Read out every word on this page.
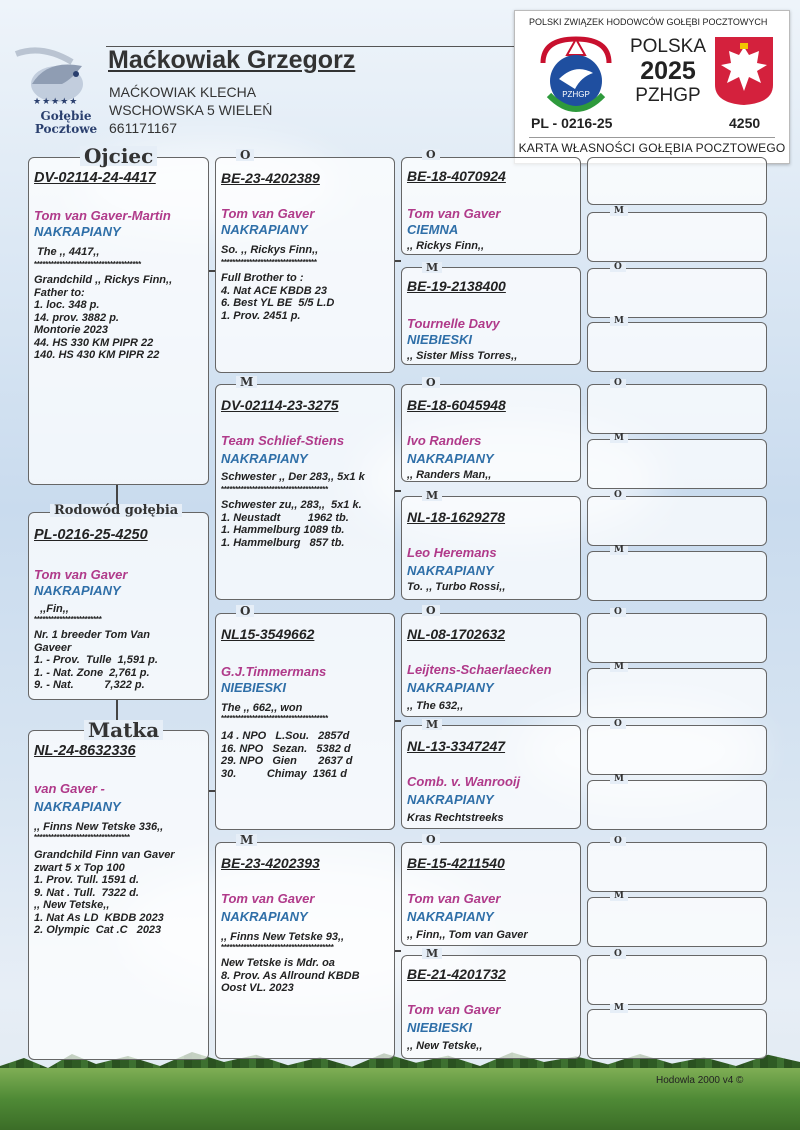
★★★★★
Gołębie
Pocztowe
Maćkowiak Grzegorz
MAĆKOWIAK KLECHA
WSCHOWSKA 5 WIELEŃ
661171167
POLSKI ZWIĄZEK HODOWCÓW GOŁĘBI POCZTOWYCH
PZHGP
POLSKA
2025
PZHGP
PL - 0216-25	4250
KARTA WŁASNOŚCI GOŁĘBIA POCZTOWEGO
DV-02114-24-4417
Tom van Gaver-Martin
NAKRAPIANY
The ,, 4417,,
**************************************
Grandchild ,, Rickys Finn,,
Father to:
1. loc. 348 p.
14. prov. 3882 p.
Montorie 2023
44. HS 330 KM PIPR 22
140. HS 430 KM PIPR 22
Ojciec
PL-0216-25-4250
Tom van Gaver
NAKRAPIANY
,,Fin,,
************************
Nr. 1 breeder Tom Van
Gaveer
1. - Prov.  Tulle  1,591 p.
1. - Nat. Zone  2,761 p.
9. - Nat.          7,322 p.
Rodowód gołębia
NL-24-8632336
van Gaver -
NAKRAPIANY
,, Finns New Tetske 336,,
**********************************
Grandchild Finn van Gaver
zwart 5 x Top 100
1. Prov. Tull. 1591 d.
9. Nat . Tull.  7322 d.
,, New Tetske,,
1. Nat As LD  KBDB 2023
2. Olympic  Cat .C   2023
Matka
BE-23-4202389
Tom van Gaver
NAKRAPIANY
So. ,, Rickys Finn,,
**********************************
Full Brother to :
4. Nat ACE KBDB 23
6. Best YL BE  5/5 L.D
1. Prov. 2451 p.
O
DV-02114-23-3275
Team Schlief-Stiens
NAKRAPIANY
Schwester ,, Der 283,, 5x1 k
**************************************
Schwester zu,, 283,,  5x1 k.
1. Neustadt         1962 tb.
1. Hammelburg 1089 tb.
1. Hammelburg   857 tb.
M
NL15-3549662
G.J.Timmermans
NIEBIESKI
The ,, 662,, won
**************************************
14 . NPO   L.Sou.   2857d
16. NPO   Sezan.   5382 d
29. NPO   Gien       2637 d
30.          Chimay  1361 d
O
BE-23-4202393
Tom van Gaver
NAKRAPIANY
,, Finns New Tetske 93,,
****************************************
New Tetske is Mdr. oa
8. Prov. As Allround KBDB
Oost VL. 2023
M
BE-18-4070924
Tom van Gaver
CIEMNA
,, Rickys Finn,,
O
BE-19-2138400
Tournelle Davy
NIEBIESKI
,, Sister Miss Torres,,
M
BE-18-6045948
Ivo Randers
NAKRAPIANY
,, Randers Man,,
O
NL-18-1629278
Leo Heremans
NAKRAPIANY
To. ,, Turbo Rossi,,
M
NL-08-1702632
Leijtens-Schaerlaecken
NAKRAPIANY
,, The 632,,
O
NL-13-3347247
Comb. v. Wanrooij
NAKRAPIANY
Kras Rechtstreeks
M
BE-15-4211540
Tom van Gaver
NAKRAPIANY
,, Finn,, Tom van Gaver
O
BE-21-4201732
Tom van Gaver
NIEBIESKI
,, New Tetske,,
M
M
O
M
O
M
O
M
O
M
O
M
O
M
O
M
Hodowla 2000 v4 ©
